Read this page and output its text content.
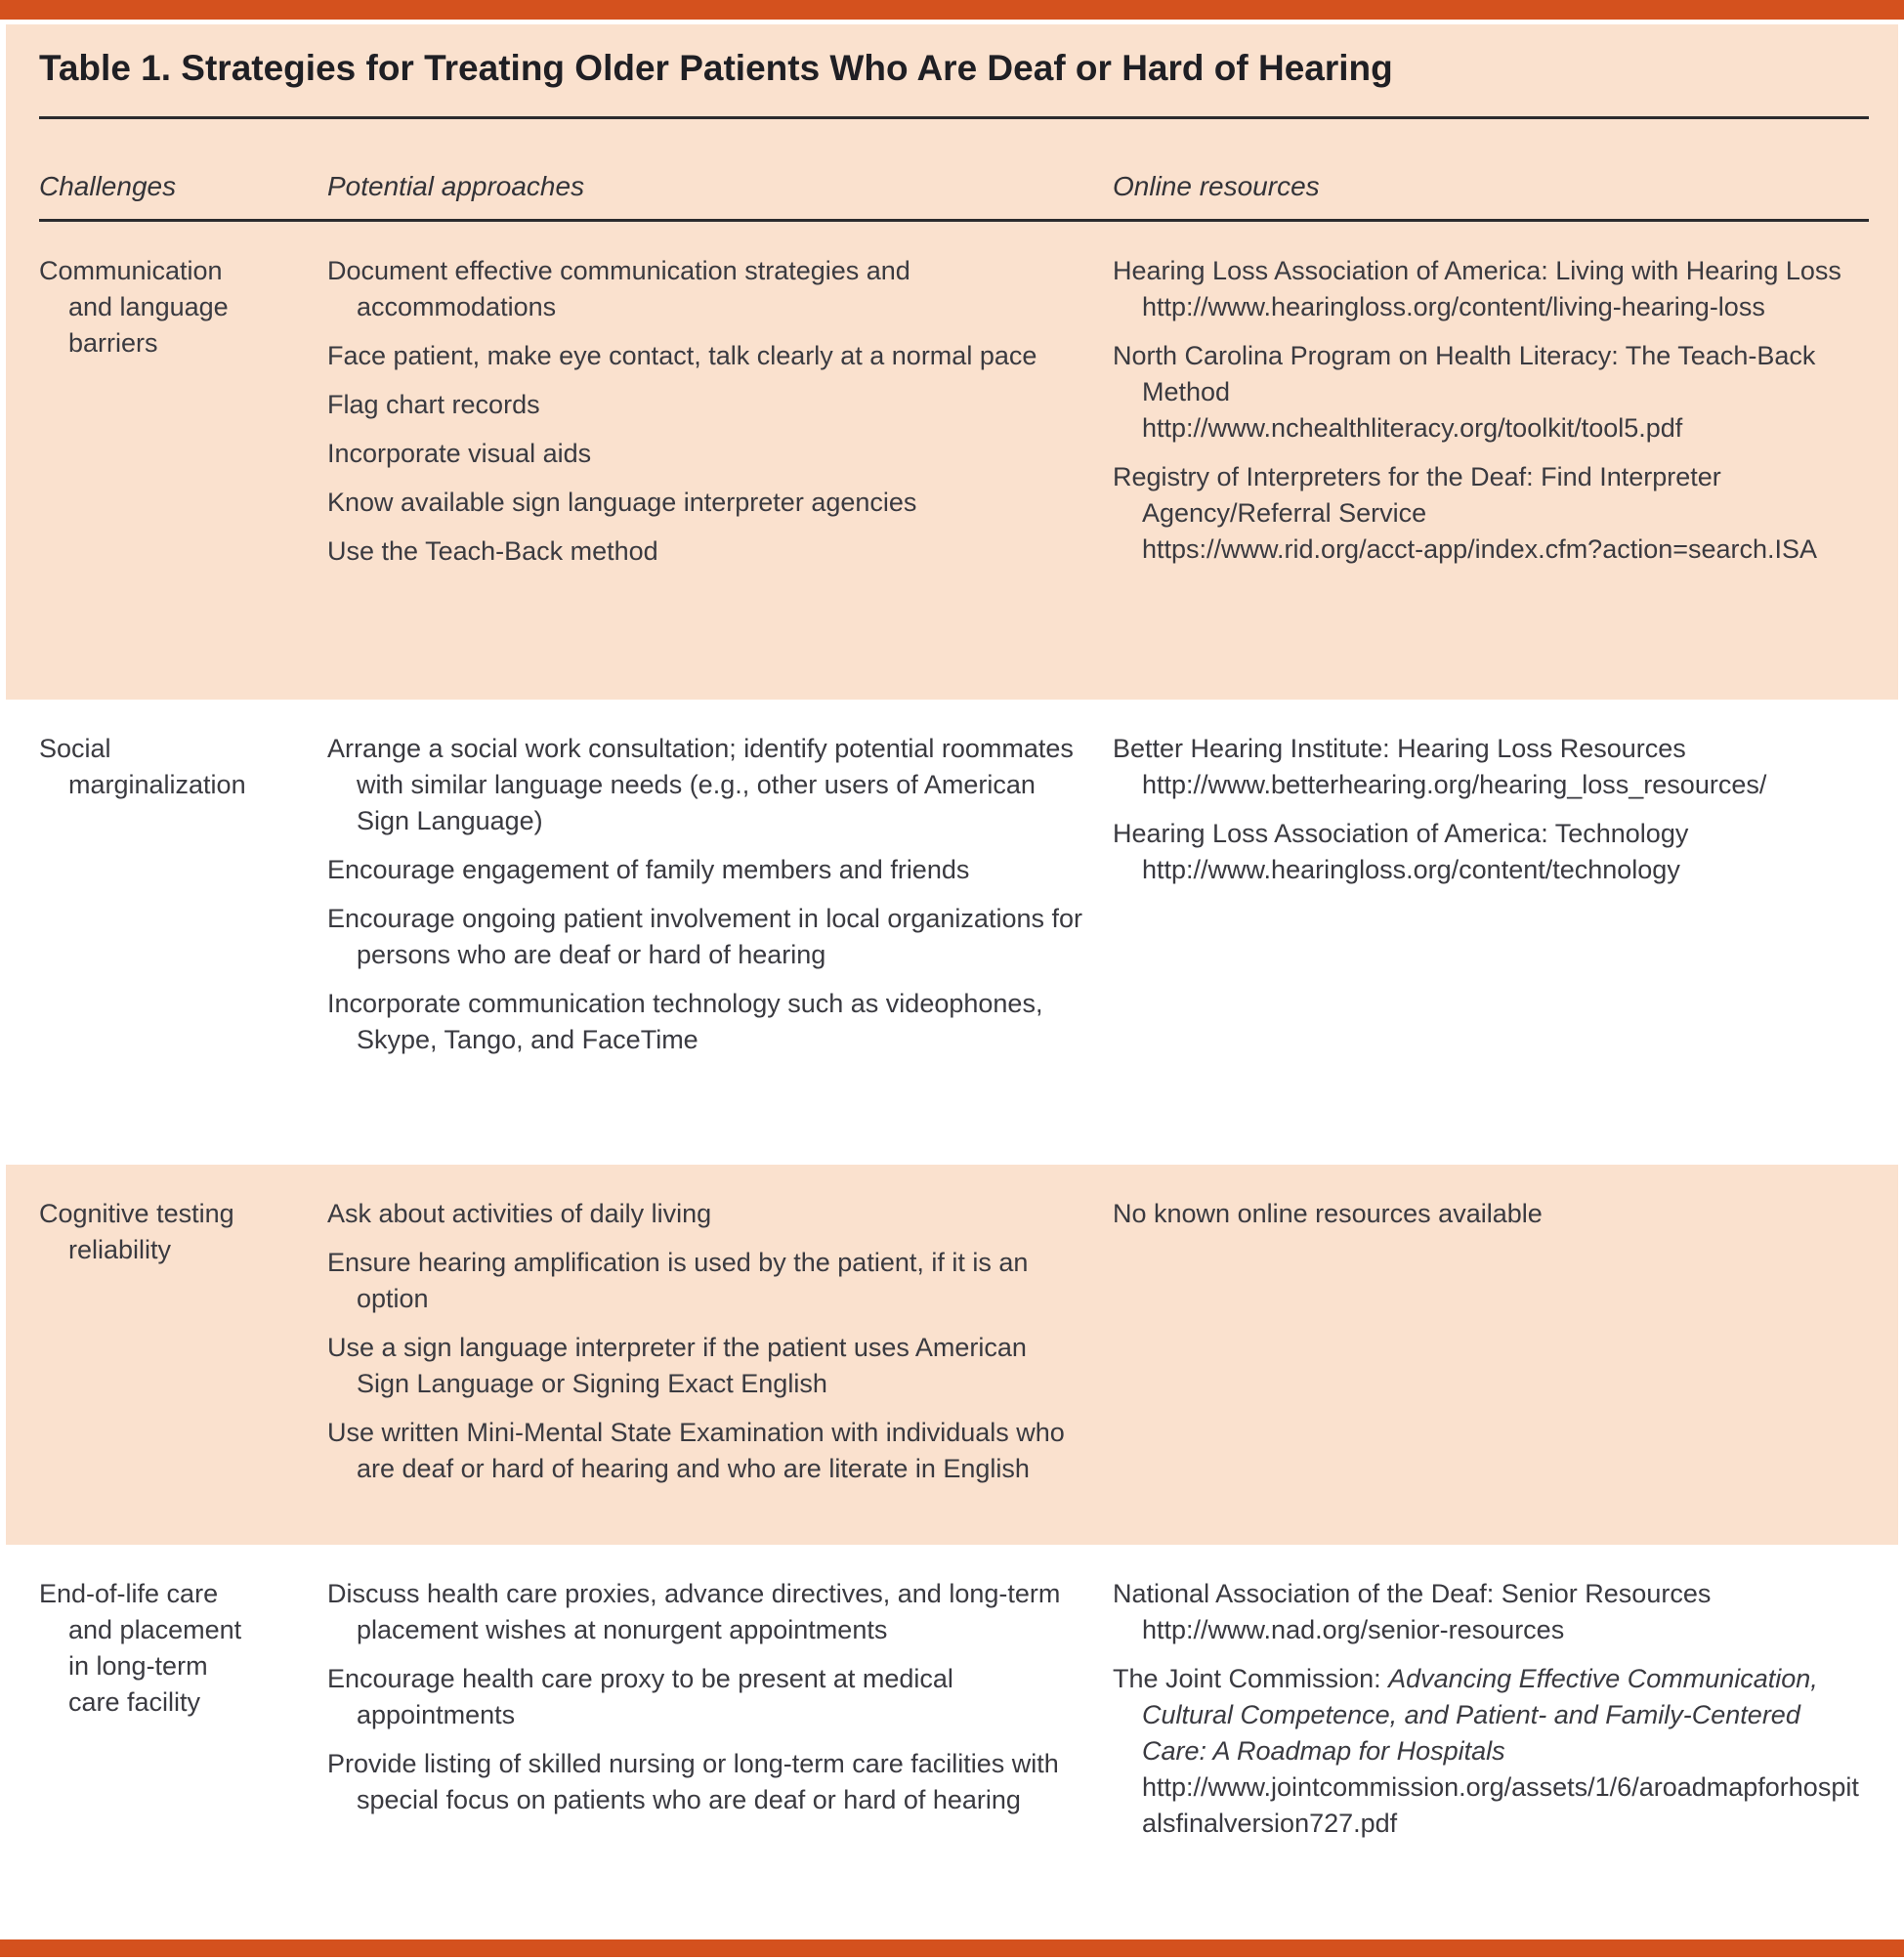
Table 1. Strategies for Treating Older Patients Who Are Deaf or Hard of Hearing
Challenges	Potential approaches	Online resources
Communication and language barriers

Document effective communication strategies and accommodations

Face patient, make eye contact, talk clearly at a normal pace

Flag chart records

Incorporate visual aids

Know available sign language interpreter agencies

Use the Teach-Back method

Hearing Loss Association of America: Living with Hearing Loss
http://www.hearingloss.org/content/living-hearing-loss
North Carolina Program on Health Literacy: The Teach-Back Method
http://www.nchealthliteracy.org/toolkit/tool5.pdf
Registry of Interpreters for the Deaf: Find Interpreter Agency/Referral Service
https://www.rid.org/acct-app/index.cfm?action=search.ISA
Social marginalization

Arrange a social work consultation; identify potential roommates with similar language needs (e.g., other users of American Sign Language)

Encourage engagement of family members and friends

Encourage ongoing patient involvement in local organizations for persons who are deaf or hard of hearing

Incorporate communication technology such as videophones, Skype, Tango, and FaceTime

Better Hearing Institute: Hearing Loss Resources
http://www.betterhearing.org/hearing_loss_resources/
Hearing Loss Association of America: Technology
http://www.hearingloss.org/content/technology
Cognitive testing reliability

Ask about activities of daily living

Ensure hearing amplification is used by the patient, if it is an option

Use a sign language interpreter if the patient uses American Sign Language or Signing Exact English

Use written Mini-Mental State Examination with individuals who are deaf or hard of hearing and who are literate in English

No known online resources available
End-of-life care and placement in long-term care facility

Discuss health care proxies, advance directives, and long-term placement wishes at nonurgent appointments

Encourage health care proxy to be present at medical appointments

Provide listing of skilled nursing or long-term care facilities with special focus on patients who are deaf or hard of hearing

National Association of the Deaf: Senior Resources
http://www.nad.org/senior-resources
The Joint Commission: Advancing Effective Communication, Cultural Competence, and Patient- and Family-Centered Care: A Roadmap for Hospitals
http://www.jointcommission.org/assets/1/6/aroadmapforhospitalsfinalversion727.pdf
